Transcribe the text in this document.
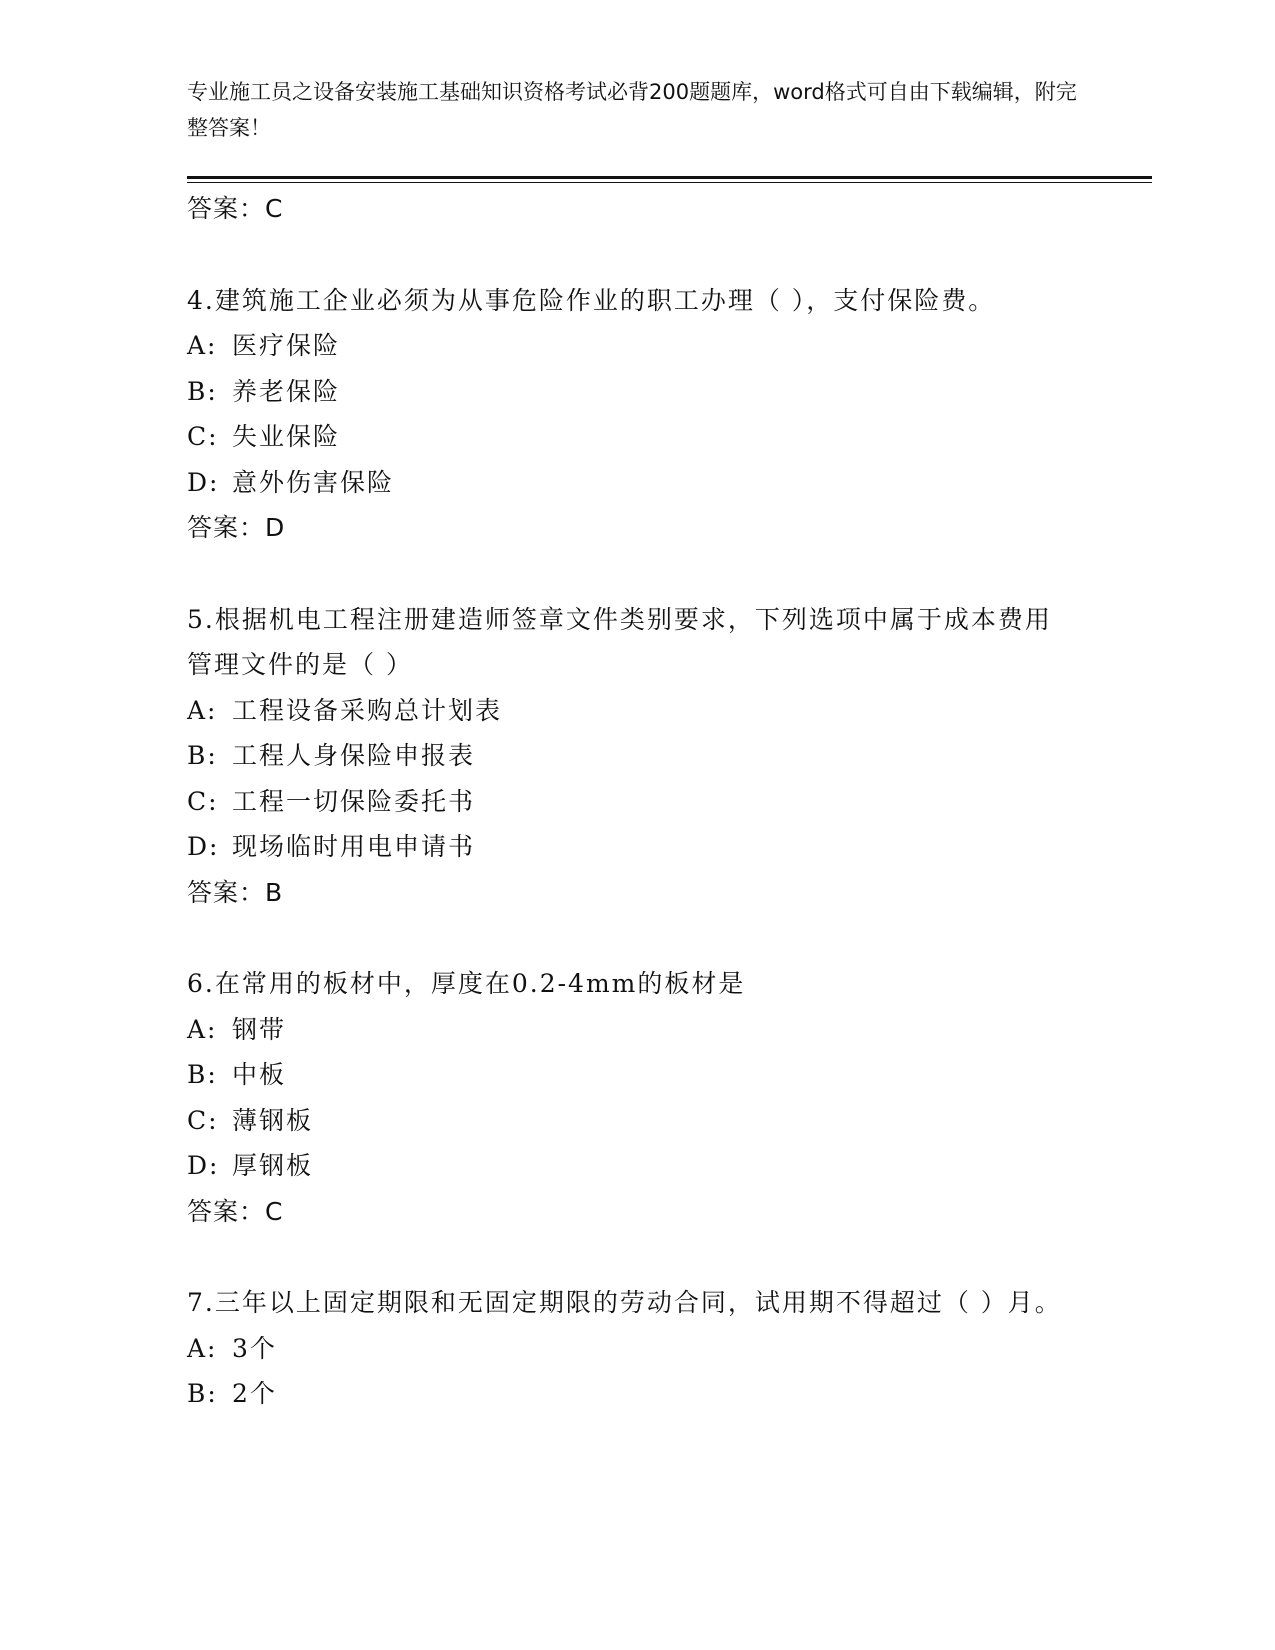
专业施工员之设备安装施工基础知识资格考试必背200题题库，word格式可自由下载编辑，附完整答案！
答案：C
4.建筑施工企业必须为从事危险作业的职工办理（ ），支付保险费。
A: 医疗保险
B: 养老保险
C: 失业保险
D: 意外伤害保险
答案：D
5.根据机电工程注册建造师签章文件类别要求，下列选项中属于成本费用管理文件的是（ ）
A: 工程设备采购总计划表
B: 工程人身保险申报表
C: 工程一切保险委托书
D: 现场临时用电申请书
答案：B
6.在常用的板材中，厚度在0.2-4mm的板材是
A: 钢带
B: 中板
C: 薄钢板
D: 厚钢板
答案：C
7.三年以上固定期限和无固定期限的劳动合同，试用期不得超过（ ）月。
A: 3个
B: 2个
